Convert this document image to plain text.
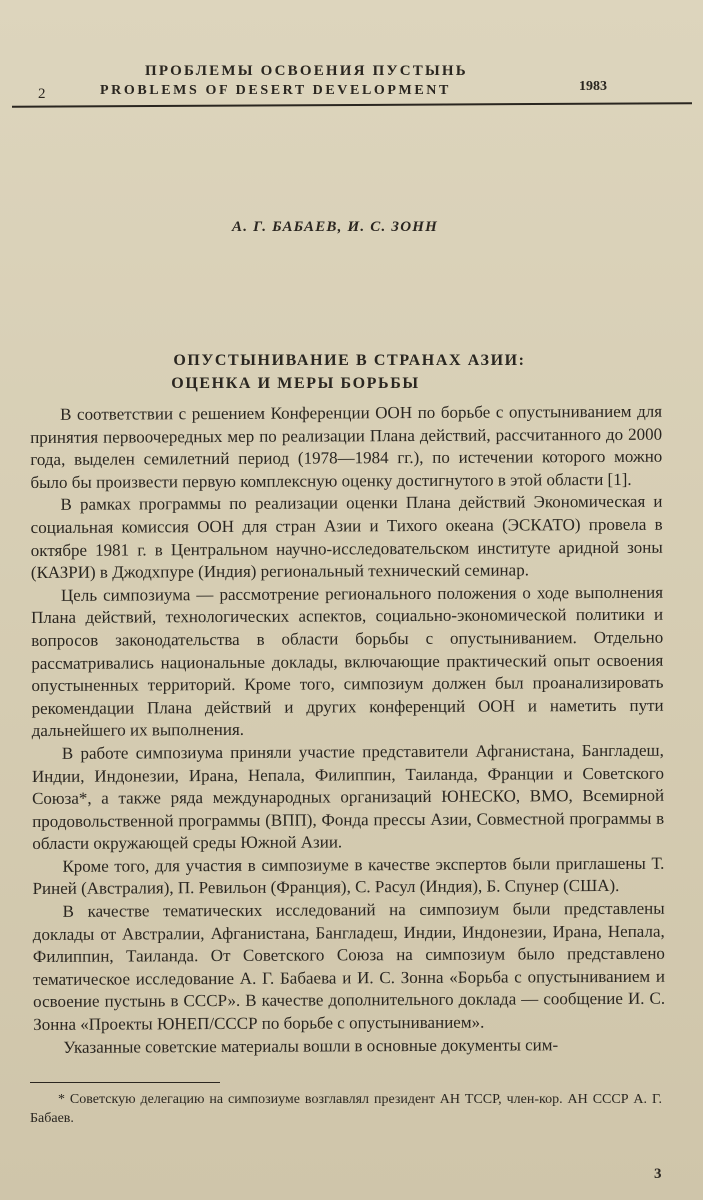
ПРОБЛЕМЫ ОСВОЕНИЯ ПУСТЫНЬ
2	PROBLEMS OF DESERT DEVELOPMENT	1983
А. Г. БАБАЕВ, И. С. ЗОНН
ОПУСТЫНИВАНИЕ В СТРАНАХ АЗИИ:
ОЦЕНКА И МЕРЫ БОРЬБЫ

В соответствии с решением Конференции ООН по борьбе с опустыниванием для принятия первоочередных мер по реализации Плана действий, рассчитанного до 2000 года, выделен семилетний период (1978—1984 гг.), по истечении которого можно было бы произвести первую комплексную оценку достигнутого в этой области [1].

В рамках программы по реализации оценки Плана действий Экономическая и социальная комиссия ООН для стран Азии и Тихого океана (ЭСКАТО) провела в октябре 1981 г. в Центральном научно-исследовательском институте аридной зоны (КАЗРИ) в Джодхпуре (Индия) региональный технический семинар.

Цель симпозиума — рассмотрение регионального положения о ходе выполнения Плана действий, технологических аспектов, социально-экономической политики и вопросов законодательства в области борьбы с опустыниванием. Отдельно рассматривались национальные доклады, включающие практический опыт освоения опустыненных территорий. Кроме того, симпозиум должен был проанализировать рекомендации Плана действий и других конференций ООН и наметить пути дальнейшего их выполнения.

В работе симпозиума приняли участие представители Афганистана, Бангладеш, Индии, Индонезии, Ирана, Непала, Филиппин, Таиланда, Франции и Советского Союза*, а также ряда международных организаций ЮНЕСКО, ВМО, Всемирной продовольственной программы (ВПП), Фонда прессы Азии, Совместной программы в области окружающей среды Южной Азии.

Кроме того, для участия в симпозиуме в качестве экспертов были приглашены Т. Риней (Австралия), П. Ревильон (Франция), С. Расул (Индия), Б. Спунер (США).

В качестве тематических исследований на симпозиум были представлены доклады от Австралии, Афганистана, Бангладеш, Индии, Индонезии, Ирана, Непала, Филиппин, Таиланда. От Советского Союза на симпозиум было представлено тематическое исследование А. Г. Бабаева и И. С. Зонна «Борьба с опустыниванием и освоение пустынь в СССР». В качестве дополнительного доклада — сообщение И. С. Зонна «Проекты ЮНЕП/СССР по борьбе с опустыниванием».

Указанные советские материалы вошли в основные документы сим-

* Советскую делегацию на симпозиуме возглавлял президент АН ТССР, член-кор. АН СССР А. Г. Бабаев.

3
